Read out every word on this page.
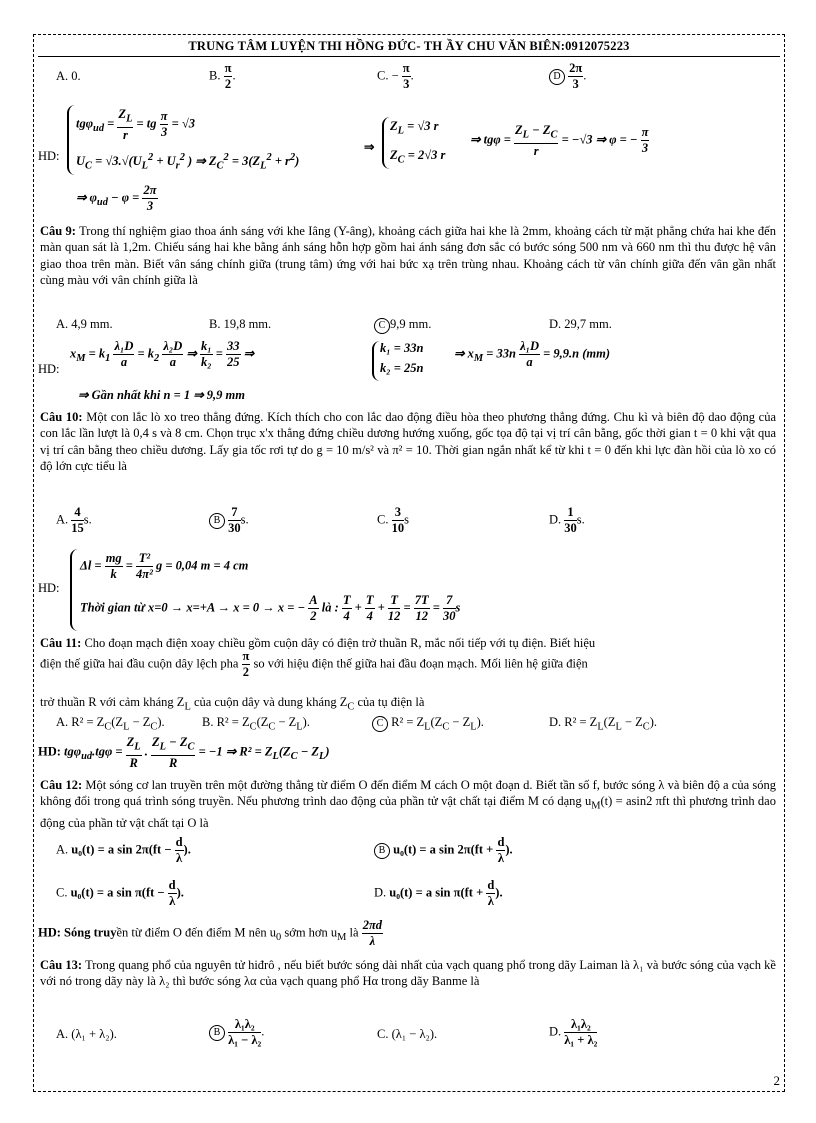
TRUNG TÂM LUYỆN THI HỒNG ĐỨC- TH ẦY CHU VĂN BIÊN:0912075223
A. 0.	B. $\frac{\pi}{2}$ .	C. − $\frac{\pi}{3}$ .	D $\frac{2\pi}{3}$ .
HD:
$tg\varphi_{ud} = \frac{Z_L}{r}$ = tg $\frac{\pi}{3} = √3$
$U_C = √3.√(U_L^2 + U_r^2$ ) ⇒ $Z_C^2 = 3(Z_L^2 + r^2)$
⇒
$Z_L = √3$ r
$Z_C = 2√3$ r
⇒ $tg\varphi = \frac{Z_L - Z_C}{r} = -√3$ ⇒ φ = − $\frac{\pi}{3}$
⇒ $\varphi_{ud} - \varphi = \frac{2\pi}{3}$
Câu 9: Trong thí nghiệm giao thoa ánh sáng với khe Iâng (Y-âng), khoảng cách giữa hai khe là 2mm, khoảng cách từ mặt phẳng chứa hai khe đến màn quan sát là 1,2m. Chiếu sáng hai khe bằng ánh sáng hỗn hợp gồm hai ánh sáng đơn sắc có bước sóng 500 nm và 660 nm thì thu được hệ vân giao thoa trên màn. Biết vân sáng chính giữa (trung tâm) ứng với hai bức xạ trên trùng nhau. Khoảng cách từ vân chính giữa đến vân gần nhất cùng màu với vân chính giữa là
A. 4,9 mm.	B. 19,8 mm.	C 9,9 mm.	D. 29,7 mm.
HD:
$x_M = k_1 \frac{\text{λ₁D}}{a} = k_2 \frac{\text{λ₂D}}{a}$ ⇒ $\frac{\text{k₁}}{\text{k₂}} = \frac{33}{25}$ ⇒	k₁ = 33n
k₂ = 25n
⇒ $x_M = 33n \frac{\text{λ₁D}}{a} = 9,9.n$ (mm)
⇒ Gần nhất khi n = 1 ⇒ 9,9 mm
Câu 10: Một con lắc lò xo treo thẳng đứng. Kích thích cho con lắc dao động điều hòa theo phương thẳng đứng. Chu kì và biên độ dao động của con lắc lần lượt là 0,4 s và 8 cm. Chọn trục x'x thẳng đứng chiều dương hướng xuống, gốc tọa độ tại vị trí cân bằng, gốc thời gian t = 0 khi vật qua vị trí cân bằng theo chiều dương. Lấy gia tốc rơi tự do g = 10 m/s² và π² = 10. Thời gian ngắn nhất kể từ khi t = 0 đến khi lực đàn hồi của lò xo có độ lớn cực tiểu là
A. $\frac{4}{15} s$.	B $\frac{7}{30} s$.	C. $\frac{3}{10}$ s	D. $\frac{1}{30} s$.
HD:
$\Delta l = \frac{mg}{k} = \frac{\text{T²}}{\text{4π²}}$ g = 0,04 m = 4 cm
Thời gian từ x=0 → x=+A → x = 0 → x = − $\frac{A}{2}$ là : $\frac{T}{4} + \frac{T}{4} + \frac{T}{12} = \frac{7T}{12} = \frac{7}{30}$ s
Câu 11: Cho đoạn mạch điện xoay chiều gồm cuộn dây có điện trở thuần R, mắc nối tiếp với tụ điện. Biết hiệu
điện thế giữa hai đầu cuộn dây lệch pha $\frac{\pi}{2}$ so với hiệu điện thế giữa hai đầu đoạn mạch. Mối liên hệ giữa điện
trở thuần R với cảm kháng $Z_L$ của cuộn dây và dung kháng $Z_C$ của tụ điện là
A. $R^2 = Z_C(Z_L - Z_C)$.	B. $R^2 = Z_C(Z_C - Z_L)$.	C $R^2 = Z_L(Z_C - Z_L)$.	D. $R^2 = Z_L(Z_L - Z_C)$.
HD: $tg\varphi_{ud}.tg\varphi = \frac{Z_L}{R}$ . $\frac{Z_L - Z_C}{R} = -1$ ⇒ $R^2 = Z_L(Z_C - Z_L)$
Câu 12: Một sóng cơ lan truyền trên một đường thẳng từ điểm O đến điểm M cách O một đoạn d. Biết tần số f, bước sóng λ và biên độ a của sóng không đổi trong quá trình sóng truyền. Nếu phương trình dao động của phần tử vật chất tại điểm M có dạng $u_M(t) = asin2$ πft thì phương trình dao động của phần tử vật chất tại O là
A. u₀(t) = a $\sin 2\pi(ft - \frac{d}{\lambda}$ ).	B u₀(t) = a $\sin 2\pi(ft + \frac{d}{\lambda}$ ).
C. u₀(t) = a $\sin \pi(ft - \frac{d}{\lambda}$ ).	D. u₀(t) = a $\sin \pi(ft + \frac{d}{\lambda}$ ).
HD: Sóng truyền từ điểm O đến điểm M nên $u_0$ sớm hơn $u_M$ là $\frac{2\pi d}{\lambda}$
Câu 13: Trong quang phổ của nguyên tử hiđrô , nếu biết bước sóng dài nhất của vạch quang phổ trong dãy Laiman là λ₁ và bước sóng của vạch kề với nó trong dãy này là λ₂ thì bước sóng λα của vạch quang phổ Hα trong dãy Banme là
A. (λ₁ + λ₂).	B $\frac{\text{λ₁λ₂}}{\text{λ₁ − λ₂}}$ .	C. (λ₁ − λ₂).	D. $\frac{\text{λ₁λ₂}}{\text{λ₁ + λ₂}}$
2
